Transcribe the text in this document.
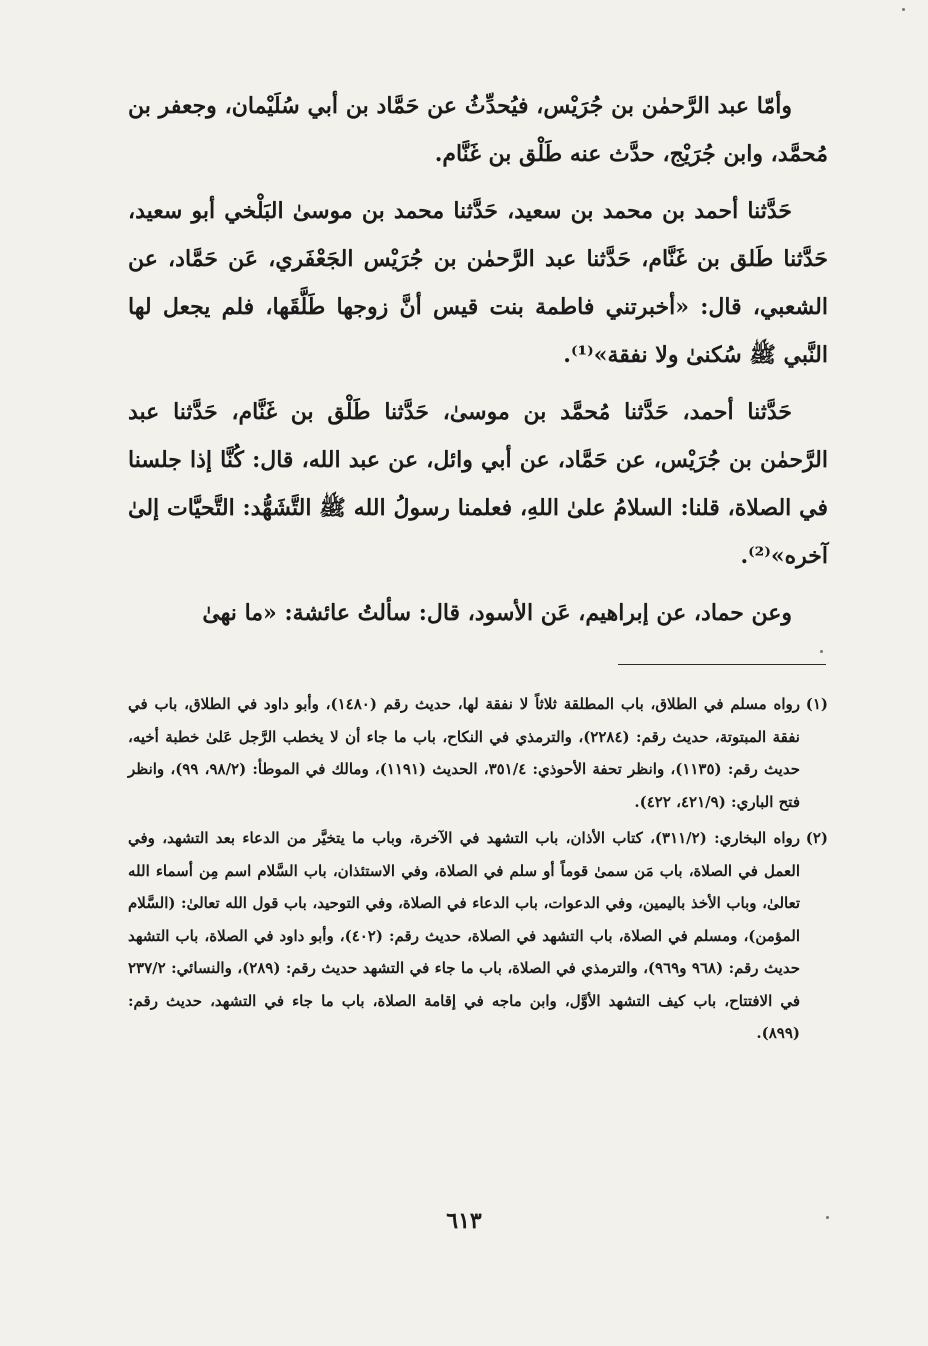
وأمّا عبد الرَّحمٰن بن جُرَيْس، فيُحدِّثُ عن حَمَّاد بن أبي سُلَيْمان، وجعفر بن مُحمَّد، وابن جُرَيْج، حدَّث عنه طَلْق بن غَنَّام.

حَدَّثنا أحمد بن محمد بن سعيد، حَدَّثنا محمد بن موسىٰ البَلْخي أبو سعيد، حَدَّثنا طَلق بن غَنَّام، حَدَّثنا عبد الرَّحمٰن بن جُرَيْس الجَعْفَري، عَن حَمَّاد، عن الشعبي، قال: «أخبرتني فاطمة بنت قيس أنَّ زوجها طَلَّقَها، فلم يجعل لها النَّبي ﷺ سُكنىٰ ولا نفقة»⁽¹⁾.

حَدَّثنا أحمد، حَدَّثنا مُحمَّد بن موسىٰ، حَدَّثنا طَلْق بن غَنَّام، حَدَّثنا عبد الرَّحمٰن بن جُرَيْس، عن حَمَّاد، عن أبي وائل، عن عبد الله، قال: كُنَّا إذا جلسنا في الصلاة، قلنا: السلامُ علىٰ اللهِ، فعلمنا رسولُ الله ﷺ التَّشَهُّد: التَّحيَّات إلىٰ آخره»⁽²⁾.

وعن حماد، عن إبراهيم، عَن الأسود، قال: سألتُ عائشة: «ما نهىٰ

(١)
رواه مسلم في الطلاق، باب المطلقة ثلاثاً لا نفقة لها، حديث رقم (١٤٨٠)، وأبو داود في الطلاق، باب في نفقة المبتوتة، حديث رقم: (٢٢٨٤)، والترمذي في النكاح، باب ما جاء أن لا يخطب الرَّجل عَلىٰ خطبة أخيه، حديث رقم: (١١٣٥)، وانظر تحفة الأحوذي: ٣٥١/٤، الحديث (١١٩١)، ومالك في الموطأ: (٩٨/٢، ٩٩)، وانظر فتح الباري: (٤٢١/٩، ٤٢٢).
(٢)
رواه البخاري: (٣١١/٢)، كتاب الأذان، باب التشهد في الآخرة، وباب ما يتخيَّر من الدعاء بعد التشهد، وفي العمل في الصلاة، باب مَن سمىٰ قوماً أو سلم في الصلاة، وفي الاستئذان، باب السَّلام اسم مِن أسماء الله تعالىٰ، وباب الأخذ باليمين، وفي الدعوات، باب الدعاء في الصلاة، وفي التوحيد، باب قول الله تعالىٰ: (السَّلام المؤمن)، ومسلم في الصلاة، باب التشهد في الصلاة، حديث رقم: (٤٠٢)، وأبو داود في الصلاة، باب التشهد حديث رقم: (٩٦٨ و٩٦٩)، والترمذي في الصلاة، باب ما جاء في التشهد حديث رقم: (٢٨٩)، والنسائي: ٢٣٧/٢ في الافتتاح، باب كيف التشهد الأوَّل، وابن ماجه في إقامة الصلاة، باب ما جاء في التشهد، حديث رقم: (٨٩٩).
٦١٣
